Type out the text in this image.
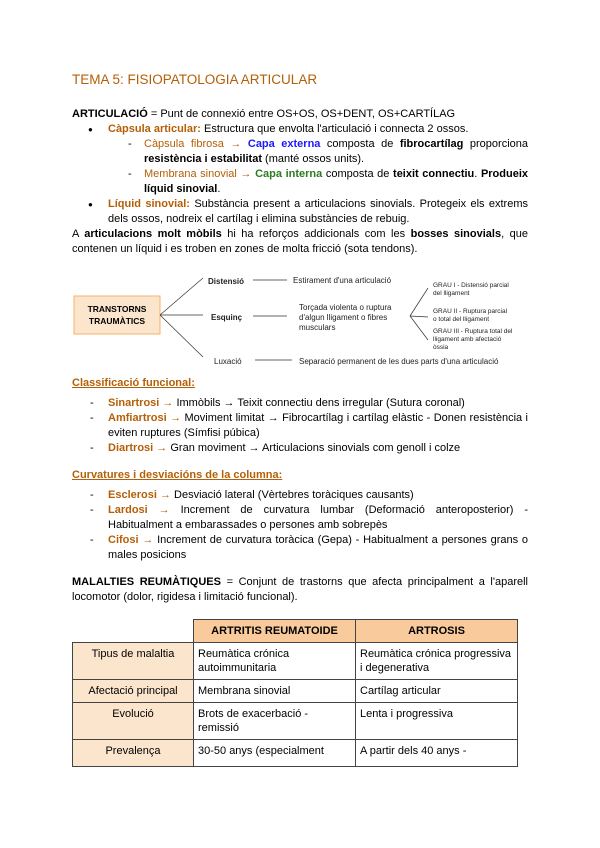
TEMA 5: FISIOPATOLOGIA ARTICULAR
ARTICULACIÓ = Punt de connexió entre OS+OS, OS+DENT, OS+CARTÍLAG
● Càpsula articular: Estructura que envolta l'articulació i connecta 2 ossos.
- Càpsula fibrosa → Capa externa composta de fibrocartílag proporciona resistència i estabilitat (manté ossos units).
- Membrana sinovial → Capa interna composta de teixit connectiu. Produeix líquid sinovial.
● Líquid sinovial: Substància present a articulacions sinovials. Protegeix els extrems dels ossos, nodreix el cartílag i elimina substàncies de rebuig.
A articulacions molt mòbils hi ha reforços addicionals com les bosses sinovials, que contenen un líquid i es troben en zones de molta fricció (sota tendons).
TRANSTORNS
TRAUMÀTICS
Distensió	Estirament d'una articulació
Esquinç
Torçada violenta o ruptura
d'algun lligament o fibres
musculars
Luxació	Separació permanent de les dues parts d'una articulació
GRAU I - Distensió parcial
del lligament
GRAU II - Ruptura parcial
o total del lligament
GRAU III - Ruptura total del
lligament amb afectació
òssia
Classificació funcional:
- Sinartrosi → Immòbils → Teixit connectiu dens irregular (Sutura coronal)
- Amfiartrosi → Moviment limitat → Fibrocartílag i cartílag elàstic - Donen resistència i eviten ruptures (Símfisi púbica)
- Diartrosi → Gran moviment → Articulacions sinovials com genoll i colze
Curvatures i desviacións de la columna:
- Esclerosi → Desviació lateral (Vèrtebres toràciques causants)
- Lardosi → Increment de curvatura lumbar (Deformació anteroposterior) - Habitualment a embarassades o persones amb sobrepès
- Cifosi → Increment de curvatura toràcica (Gepa) - Habitualment a persones grans o males posicions
MALALTIES REUMÀTIQUES = Conjunt de trastorns que afecta principalment a l'aparell locomotor (dolor, rigidesa i limitació funcional).
	ARTRITIS REUMATOIDE	ARTROSIS
Tipus de malaltia	Reumàtica crónica autoimmunitaria	Reumàtica crónica progressiva i degenerativa
Afectació principal	Membrana sinovial	Cartílag articular
Evolució	Brots de exacerbació - remissió	Lenta i progressiva
Prevalença	30-50 anys (especialment	A partir dels 40 anys -
